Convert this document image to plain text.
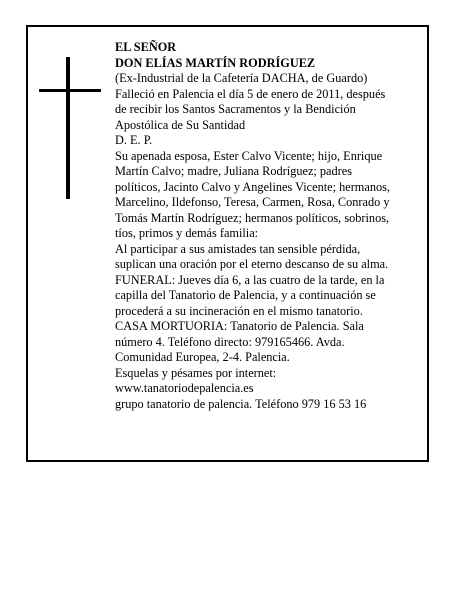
EL SEÑOR

DON ELÍAS MARTÍN RODRÍGUEZ

(Ex-Industrial de la Cafetería DACHA, de Guardo)

Falleció en Palencia el día 5 de enero de 2011, después
de recibir los Santos Sacramentos y la Bendición
Apostólica de Su Santidad

D. E. P.

Su apenada esposa, Ester Calvo Vicente; hijo, Enrique
Martín Calvo; madre, Juliana Rodríguez; padres
políticos, Jacinto Calvo y Angelines Vicente; hermanos,
Marcelino, Ildefonso, Teresa, Carmen, Rosa, Conrado y
Tomás Martín Rodríguez; hermanos políticos, sobrinos,
tíos, primos y demás familia:

Al participar a sus amistades tan sensible pérdida,
suplican una oración por el eterno descanso de su alma.

FUNERAL: Jueves día 6, a las cuatro de la tarde, en la
capilla del Tanatorio de Palencia, y a continuación se
procederá a su incineración en el mismo tanatorio.

CASA MORTUORIA: Tanatorio de Palencia. Sala
número 4. Teléfono directo: 979165466. Avda.
Comunidad Europea, 2-4. Palencia.

Esquelas y pésames por internet:

www.tanatoriodepalencia.es

grupo tanatorio de palencia. Teléfono 979 16 53 16
